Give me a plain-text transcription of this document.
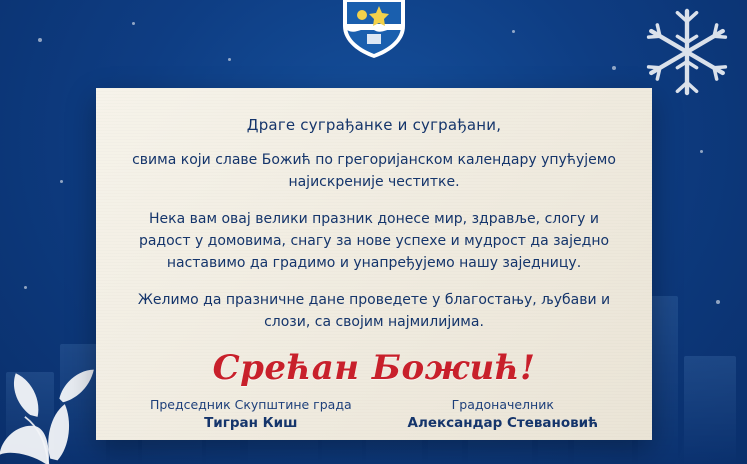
Драге суграђанке и суграђани,

свима који славе Божић по грегоријанском календару упућујемо најискреније честитке.

Нека вам овај велики празник донесе мир, здравље, слогу и радост у домовима, снагу за нове успехе и мудрост да заједно наставимо да градимо и унапређујемо нашу заједницу.

Желимо да празничне дане проведете у благостању, љубави и слози, са својим најмилијима.

Срећан Божић!
Председник Скупштине града
Тигран Киш
Градоначелник
Александар Стевановић
